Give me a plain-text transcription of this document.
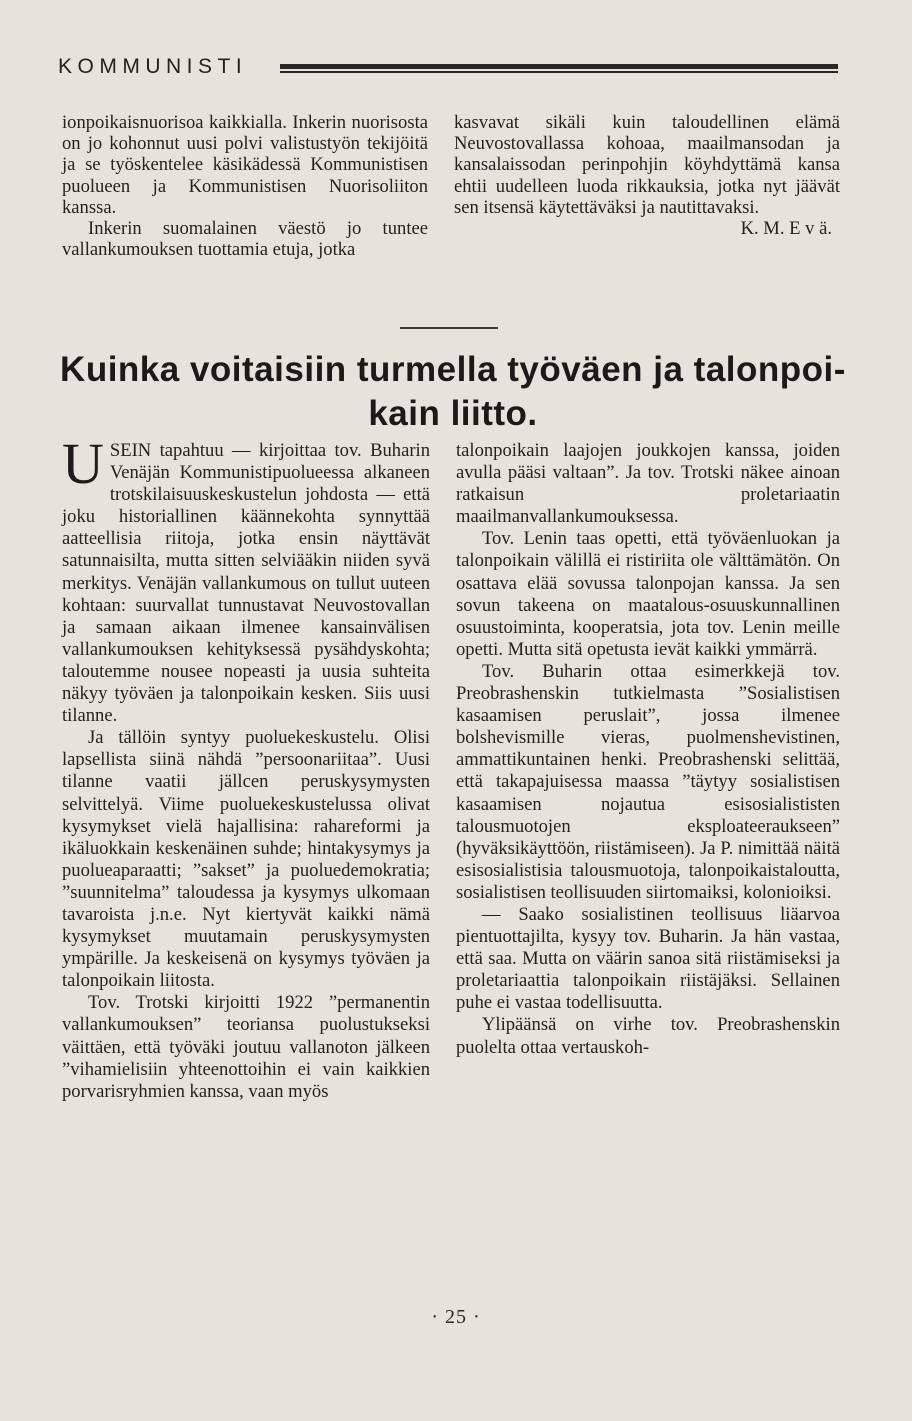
KOMMUNISTI

ionpoikaisnuorisoa kaikkialla. Inkerin nuorisosta on jo kohonnut uusi polvi valistustyön tekijöitä ja se työskentelee käsikädessä Kommunistisen puolueen ja Kommunistisen Nuorisoliiton kanssa.

Inkerin suomalainen väestö jo tuntee vallankumouksen tuottamia etuja, jotka

kasvavat sikäli kuin taloudellinen elämä Neuvostovallassa kohoaa, maailmansodan ja kansalaissodan perinpohjin köyhdyttämä kansa ehtii uudelleen luoda rikkauksia, jotka nyt jäävät sen itsensä käytettäväksi ja nautittavaksi.

K. M. E v ä.

Kuinka voitaisiin turmella työväen ja talonpoi-
kain liitto.

USEIN tapahtuu — kirjoittaa tov. Buharin Venäjän Kommunistipuolueessa alkaneen trotskilaisuuskeskustelun johdosta — että joku historiallinen käännekohta synnyttää aatteellisia riitoja, jotka ensin näyttävät satunnaisilta, mutta sitten selviääkin niiden syvä merkitys. Venäjän vallankumous on tullut uuteen kohtaan: suurvallat tunnustavat Neuvostovallan ja samaan aikaan ilmenee kansainvälisen vallankumouksen kehityksessä pysähdyskohta; taloutemme nousee nopeasti ja uusia suhteita näkyy työväen ja talonpoikain kesken. Siis uusi tilanne.

Ja tällöin syntyy puoluekeskustelu. Olisi lapsellista siinä nähdä ”persoonariitaa”. Uusi tilanne vaatii jällcen peruskysymysten selvittelyä. Viime puoluekeskustelussa olivat kysymykset vielä hajallisina: rahareformi ja ikäluokkain keskenäinen suhde; hintakysymys ja puolueaparaatti; ”sakset” ja puoluedemokratia; ”suunnitelma” taloudessa ja kysymys ulkomaan tavaroista j.n.e. Nyt kiertyvät kaikki nämä kysymykset muutamain peruskysymysten ympärille. Ja keskeisenä on kysymys työväen ja talonpoikain liitosta.

Tov. Trotski kirjoitti 1922 ”permanentin vallankumouksen” teoriansa puolustukseksi väittäen, että työväki joutuu vallanoton jälkeen ”vihamielisiin yhteenottoihin ei vain kaikkien porvarisryhmien kanssa, vaan myös

talonpoikain laajojen joukkojen kanssa, joiden avulla pääsi valtaan”. Ja tov. Trotski näkee ainoan ratkaisun proletariaatin maailmanvallankumouksessa.

Tov. Lenin taas opetti, että työväenluokan ja talonpoikain välillä ei ristiriita ole välttämätön. On osattava elää sovussa talonpojan kanssa. Ja sen sovun takeena on maatalous-osuuskunnallinen osuustoiminta, kooperatsia, jota tov. Lenin meille opetti. Mutta sitä opetusta ievät kaikki ymmärrä.

Tov. Buharin ottaa esimerkkejä tov. Preobrashenskin tutkielmasta ”Sosialistisen kasaamisen peruslait”, jossa ilmenee bolshevismille vieras, puolmenshevistinen, ammattikuntainen henki. Preobrashenski selittää, että takapajuisessa maassa ”täytyy sosialistisen kasaamisen nojautua esisosialististen talousmuotojen eksploateeraukseen” (hyväksikäyttöön, riistämiseen). Ja P. nimittää näitä esisosialistisia talousmuotoja, talonpoikaistaloutta, sosialistisen teollisuuden siirtomaiksi, kolonioiksi.

— Saako sosialistinen teollisuus liäarvoa pientuottajilta, kysyy tov. Buharin. Ja hän vastaa, että saa. Mutta on väärin sanoa sitä riistämiseksi ja proletariaattia talonpoikain riistäjäksi. Sellainen puhe ei vastaa todellisuutta.

Ylipäänsä on virhe tov. Preobrashenskin puolelta ottaa vertauskoh-

· 25 ·
